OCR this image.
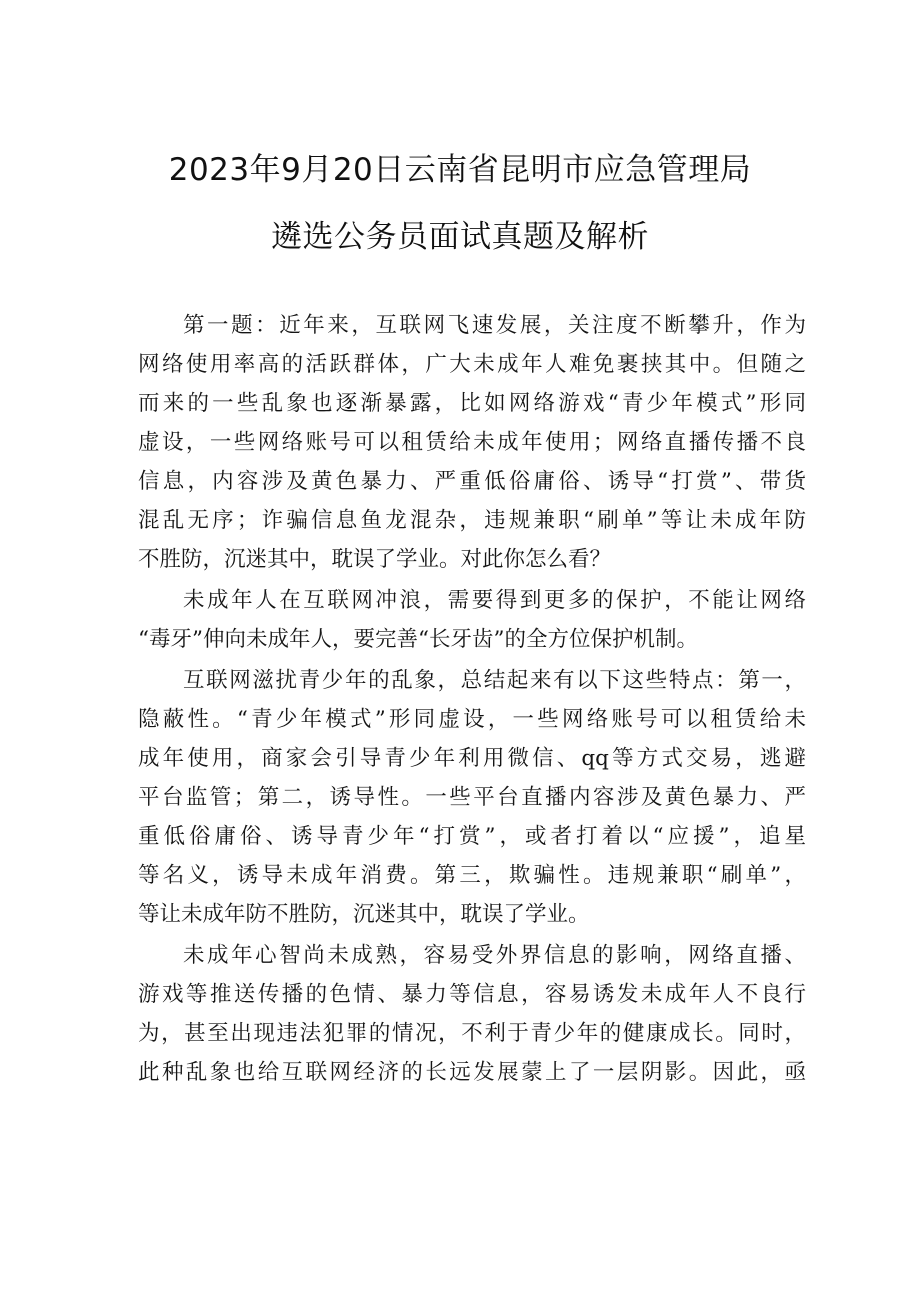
2023年9月20日云南省昆明市应急管理局
遴选公务员面试真题及解析
第一题：近年来，互联网飞速发展，关注度不断攀升，作为
网络使用率高的活跃群体，广大未成年人难免裹挟其中。但随之
而来的一些乱象也逐渐暴露，比如网络游戏“青少年模式”形同
虚设，一些网络账号可以租赁给未成年使用；网络直播传播不良
信息，内容涉及黄色暴力、严重低俗庸俗、诱导“打赏”、带货
混乱无序；诈骗信息鱼龙混杂，违规兼职“刷单”等让未成年防
不胜防，沉迷其中，耽误了学业。对此你怎么看？
未成年人在互联网冲浪，需要得到更多的保护，不能让网络
“毒牙”伸向未成年人，要完善“长牙齿”的全方位保护机制。
互联网滋扰青少年的乱象，总结起来有以下这些特点：第一，
隐蔽性。“青少年模式”形同虚设，一些网络账号可以租赁给未
成年使用，商家会引导青少年利用微信、qq等方式交易，逃避
平台监管；第二，诱导性。一些平台直播内容涉及黄色暴力、严
重低俗庸俗、诱导青少年“打赏”，或者打着以“应援”，追星
等名义，诱导未成年消费。第三，欺骗性。违规兼职“刷单”，
等让未成年防不胜防，沉迷其中，耽误了学业。
未成年心智尚未成熟，容易受外界信息的影响，网络直播、
游戏等推送传播的色情、暴力等信息，容易诱发未成年人不良行
为，甚至出现违法犯罪的情况，不利于青少年的健康成长。同时，
此种乱象也给互联网经济的长远发展蒙上了一层阴影。因此，亟
